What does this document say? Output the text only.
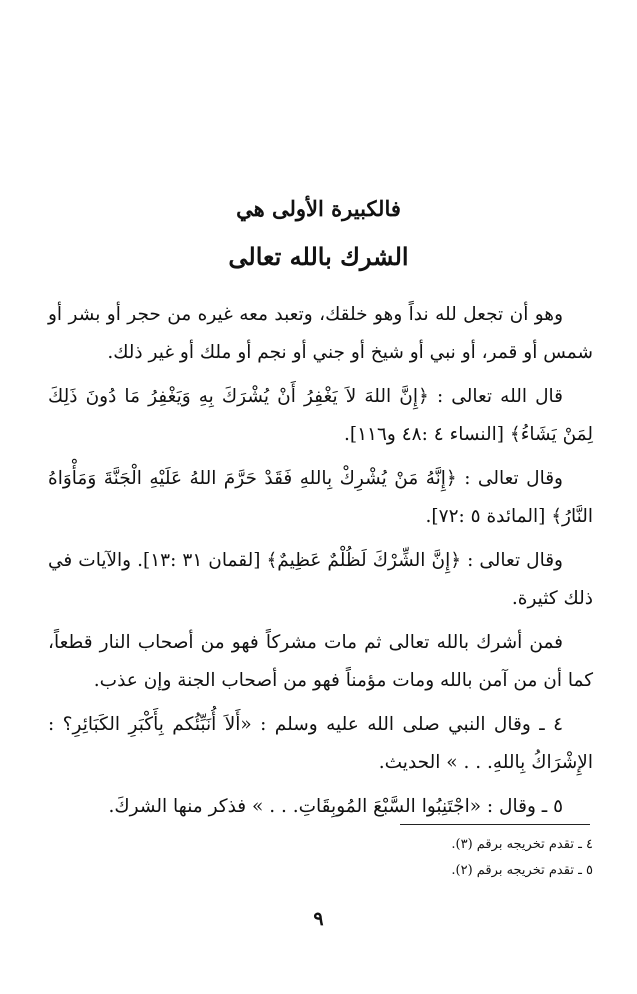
فالكبيرة الأولى هي
الشرك بالله تعالى

وهو أن تجعل لله نداً وهو خلقك، وتعبد معه غيره من حجر أو بشر أو شمس أو قمر، أو نبي أو شيخ أو جني أو نجم أو ملك أو غير ذلك.

قال الله تعالى : ﴿إِنَّ اللهَ لاَ يَغْفِرُ أَنْ يُشْرَكَ بِهِ وَيَغْفِرُ مَا دُونَ ذَلِكَ لِمَنْ يَشَاءُ﴾ [النساء ٤ :٤٨ و١١٦].

وقال تعالى : ﴿إِنَّهُ مَنْ يُشْرِكْ بِاللهِ فَقَدْ حَرَّمَ اللهُ عَلَيْهِ الْجَنَّةَ وَمَأْوَاهُ النَّارُ﴾ [المائدة ٥ :٧٢].

وقال تعالى : ﴿إِنَّ الشِّرْكَ لَظُلْمٌ عَظِيمٌ﴾ [لقمان ٣١ :١٣]. والآيات في ذلك كثيرة.

فمن أشرك بالله تعالى ثم مات مشركاً فهو من أصحاب النار قطعاً، كما أن من آمن بالله ومات مؤمناً فهو من أصحاب الجنة وإن عذب.

٤ ـ وقال النبي صلى الله عليه وسلم : «أَلاَ أُنَبِّئُكم بِأَكْبَرِ الكَبَائِرِ؟ : الإِشْرَاكُ بِاللهِ. . . » الحديث.

٥ ـ وقال : «اجْتَنِبُوا السَّبْعَ المُوبِقَاتِ. . . » فذكر منها الشركَ.

٤ ـ تقدم تخريجه برقم (٣).
٥ ـ تقدم تخريجه برقم (٢).
٩
